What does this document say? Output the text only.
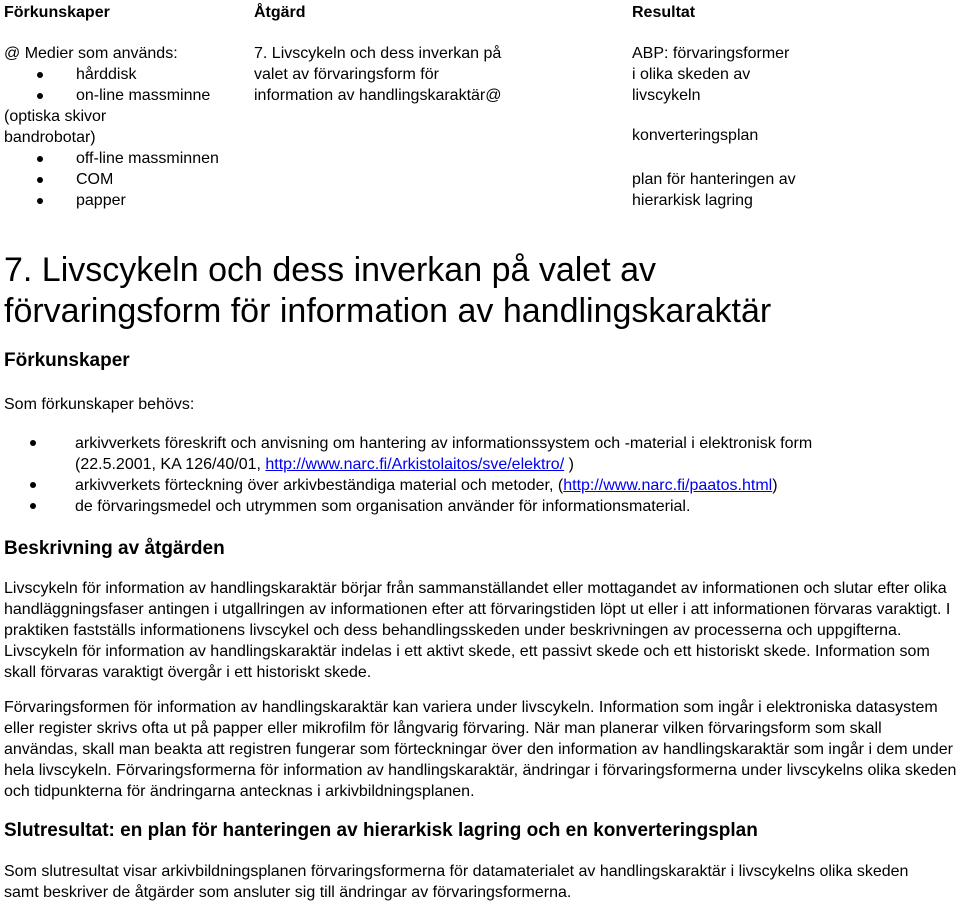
Förkunskaper	Åtgärd	Resultat
@ Medier som används:
hårddisk
on-line massminne
(optiska skivor
bandrobotar)
off-line massminnen
COM
papper
7. Livscykeln och dess inverkan på
valet av förvaringsform för
information av handlingskaraktär@
ABP: förvaringsformer
i olika skeden av
livscykeln
konverteringsplan
plan för hanteringen av
hierarkisk lagring
7. Livscykeln och dess inverkan på valet av
förvaringsform för information av handlingskaraktär
Förkunskaper
Som förkunskaper behövs:
arkivverkets föreskrift och anvisning om hantering av informationssystem och -material i elektronisk form (22.5.2001, KA 126/40/01, http://www.narc.fi/Arkistolaitos/sve/elektro/ )
arkivverkets förteckning över arkivbeständiga material och metoder, (http://www.narc.fi/paatos.html)
de förvaringsmedel och utrymmen som organisation använder för informationsmaterial.
Beskrivning av åtgärden
Livscykeln för information av handlingskaraktär börjar från sammanställandet eller mottagandet av informationen och slutar efter olika handläggningsfaser antingen i utgallringen av informationen efter att förvaringstiden löpt ut eller i att informationen förvaras varaktigt. I praktiken fastställs informationens livscykel och dess behandlingsskeden under beskrivningen av processerna och uppgifterna. Livscykeln för information av handlingskaraktär indelas i ett aktivt skede, ett passivt skede och ett historiskt skede. Information som skall förvaras varaktigt övergår i ett historiskt skede.
Förvaringsformen för information av handlingskaraktär kan variera under livscykeln. Information som ingår i elektroniska datasystem eller register skrivs ofta ut på papper eller mikrofilm för långvarig förvaring. När man planerar vilken förvaringsform som skall användas, skall man beakta att registren fungerar som förteckningar över den information av handlingskaraktär som ingår i dem under hela livscykeln. Förvaringsformerna för information av handlingskaraktär, ändringar i förvaringsformerna under livscykelns olika skeden och tidpunkterna för ändringarna antecknas i arkivbildningsplanen.
Slutresultat: en plan för hanteringen av hierarkisk lagring och en konverteringsplan
Som slutresultat visar arkivbildningsplanen förvaringsformerna för datamaterialet av handlingskaraktär i livscykelns olika skeden samt beskriver de åtgärder som ansluter sig till ändringar av förvaringsformerna.
